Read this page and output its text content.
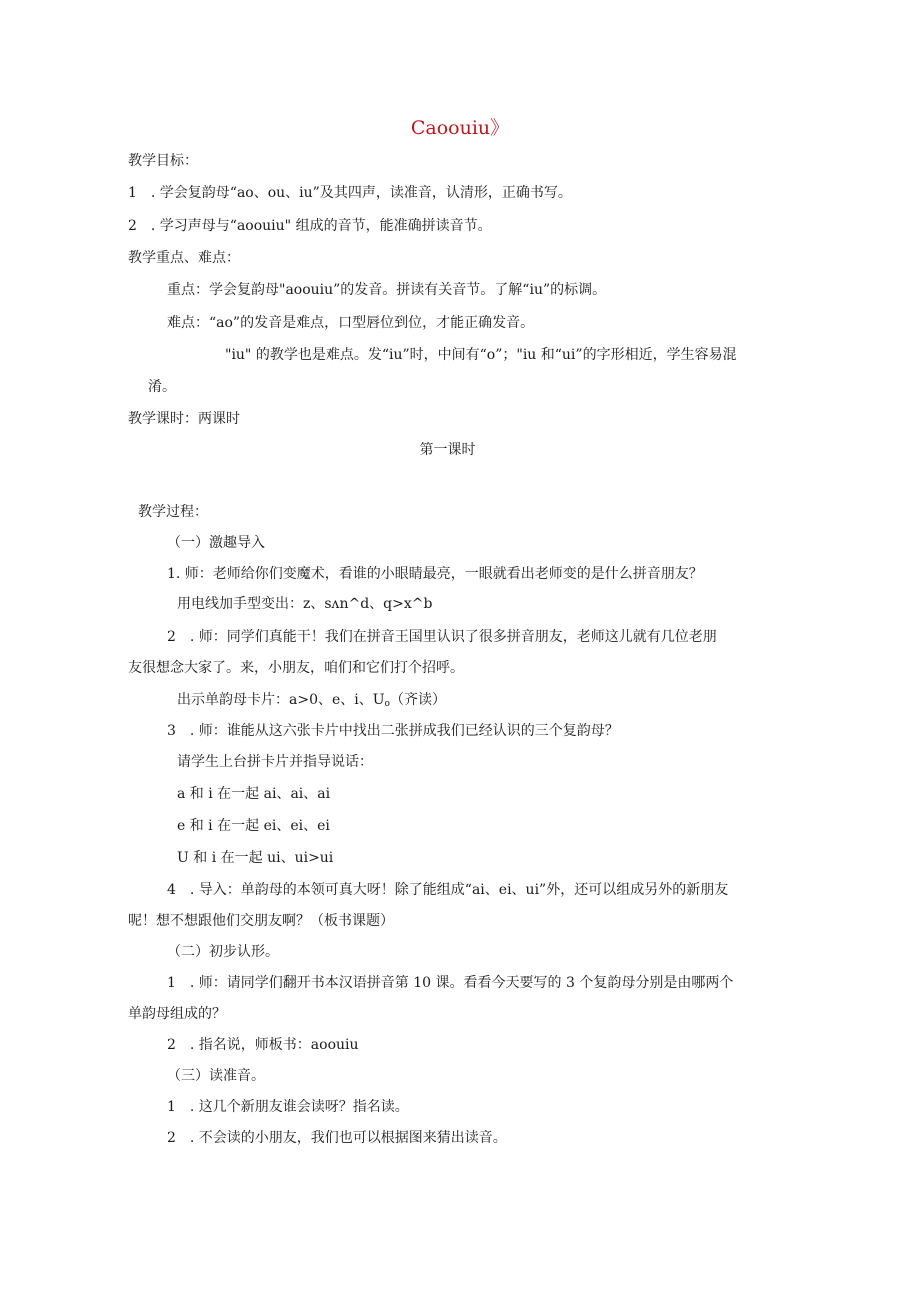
Caoouiu》
教学目标：
1　. 学会复韵母“ao、ou、iu”及其四声，读准音，认清形，正确书写。
2　. 学习声母与“aoouiu" 组成的音节，能准确拼读音节。
教学重点、难点：
重点：学会复韵母"aoouiu”的发音。拼读有关音节。了解“iu”的标调。
难点：“ao”的发音是难点，口型唇位到位，才能正确发音。
"iu" 的教学也是难点。发“iu”时，中间有“o”；"iu 和“ui”的字形相近，学生容易混
淆。
教学课时：两课时
第一课时
教学过程：
（一）激趣导入
1. 师：老师给你们变魔术，看谁的小眼睛最亮，一眼就看出老师变的是什么拼音朋友？
用电线加手型变出：z、sʌn^d、q>x^b
2　. 师：同学们真能干！我们在拼音王国里认识了很多拼音朋友，老师这儿就有几位老朋
友很想念大家了。来，小朋友，咱们和它们打个招呼。
出示单韵母卡片：a>0、e、i、$U_o$（齐读）
3　. 师：谁能从这六张卡片中找出二张拼成我们已经认识的三个复韵母？
请学生上台拼卡片并指导说话：
a 和 i 在一起 ai、ai、ai
e 和 i 在一起 ei、ei、ei
U 和 i 在一起 ui、ui>ui
4　. 导入：单韵母的本领可真大呀！除了能组成“ai、ei、ui”外，还可以组成另外的新朋友
呢！想不想跟他们交朋友啊？（板书课题）
（二）初步认形。
1　. 师：请同学们翻开书本汉语拼音第 10 课。看看今天要写的 3 个复韵母分别是由哪两个
单韵母组成的？
2　. 指名说，师板书：aoouiu
（三）读准音。
1　. 这几个新朋友谁会读呀？指名读。
2　. 不会读的小朋友，我们也可以根据图来猜出读音。
